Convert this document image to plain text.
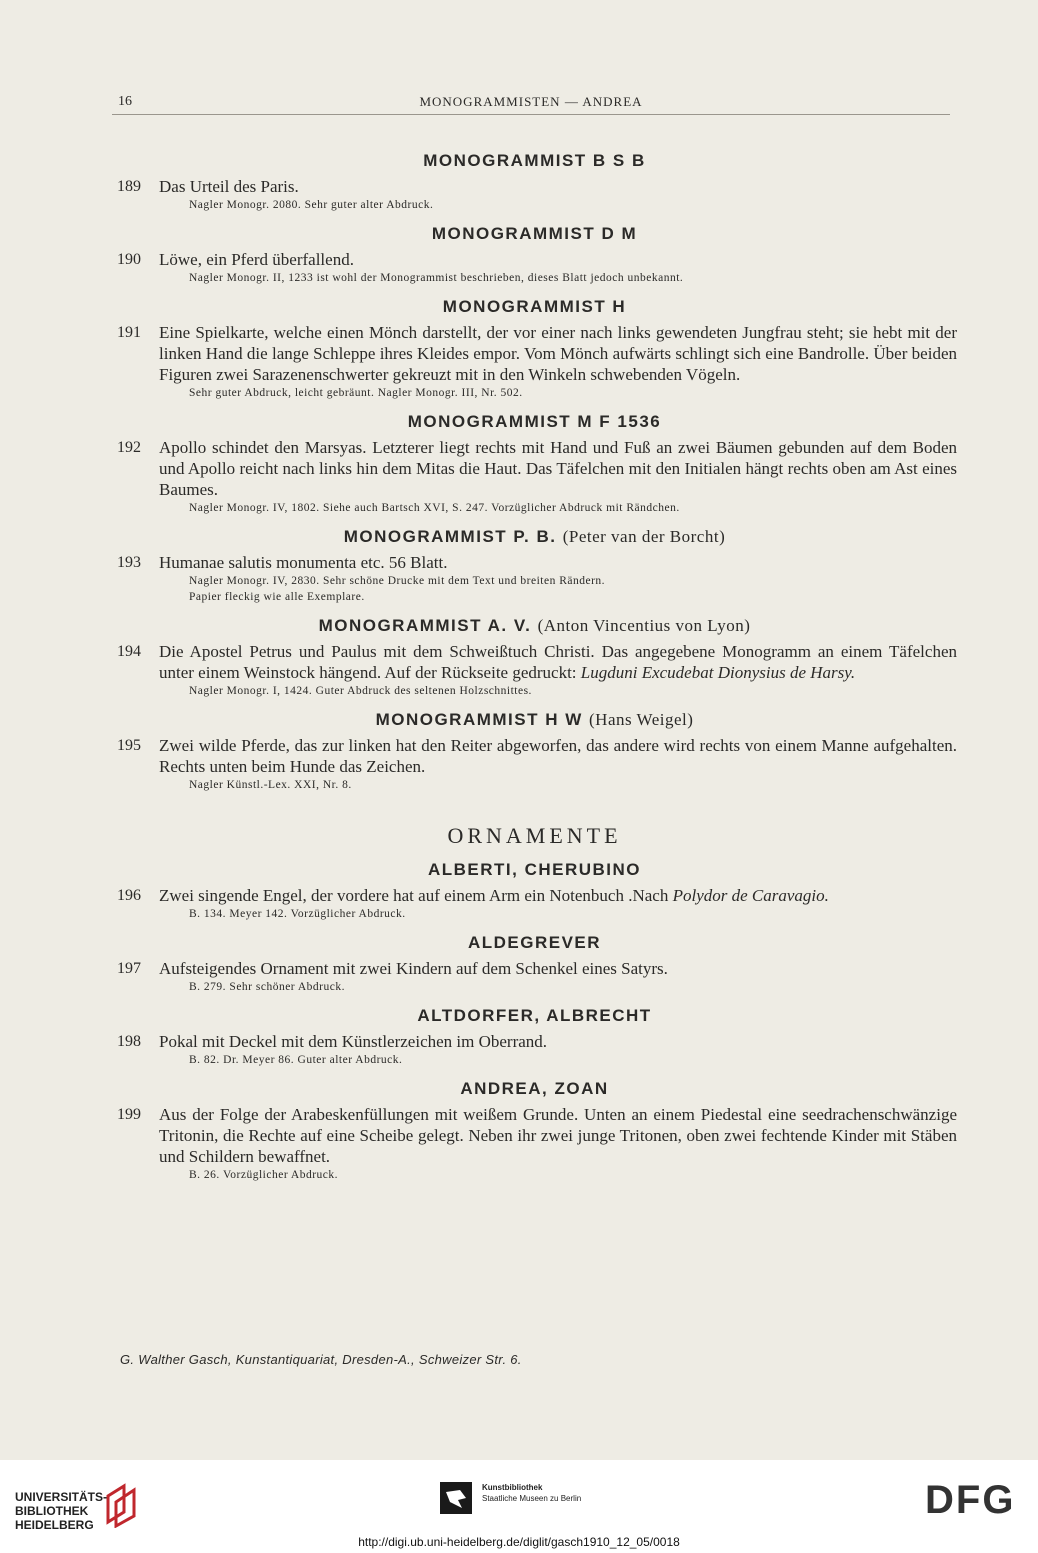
16	MONOGRAMMISTEN — ANDREA
MONOGRAMMIST B S B
189 Das Urteil des Paris.
Nagler Monogr. 2080. Sehr guter alter Abdruck.
MONOGRAMMIST D M
190 Löwe, ein Pferd überfallend.
Nagler Monogr. II, 1233 ist wohl der Monogrammist beschrieben, dieses Blatt jedoch unbekannt.
MONOGRAMMIST H
191 Eine Spielkarte, welche einen Mönch darstellt, der vor einer nach links gewendeten Jungfrau steht; sie hebt mit der linken Hand die lange Schleppe ihres Kleides empor. Vom Mönch aufwärts schlingt sich eine Bandrolle. Über beiden Figuren zwei Sarazenenschwerter gekreuzt mit in den Winkeln schwebenden Vögeln.
Sehr guter Abdruck, leicht gebräunt. Nagler Monogr. III, Nr. 502.
MONOGRAMMIST M F 1536
192 Apollo schindet den Marsyas. Letzterer liegt rechts mit Hand und Fuß an zwei Bäumen gebunden auf dem Boden und Apollo reicht nach links hin dem Mitas die Haut. Das Täfelchen mit den Initialen hängt rechts oben am Ast eines Baumes.
Nagler Monogr. IV, 1802. Siehe auch Bartsch XVI, S. 247. Vorzüglicher Abdruck mit Rändchen.
MONOGRAMMIST P. B. (Peter van der Borcht)
193 Humanae salutis monumenta etc. 56 Blatt.
Nagler Monogr. IV, 2830. Sehr schöne Drucke mit dem Text und breiten Rändern.
Papier fleckig wie alle Exemplare.
MONOGRAMMIST A. V. (Anton Vincentius von Lyon)
194 Die Apostel Petrus und Paulus mit dem Schweißtuch Christi. Das angegebene Monogramm an einem Täfelchen unter einem Weinstock hängend. Auf der Rückseite gedruckt: Lugduni Excudebat Dionysius de Harsy.
Nagler Monogr. I, 1424. Guter Abdruck des seltenen Holzschnittes.
MONOGRAMMIST H W (Hans Weigel)
195 Zwei wilde Pferde, das zur linken hat den Reiter abgeworfen, das andere wird rechts von einem Manne aufgehalten. Rechts unten beim Hunde das Zeichen.
Nagler Künstl.-Lex. XXI, Nr. 8.
ORNAMENTE
ALBERTI, CHERUBINO
196 Zwei singende Engel, der vordere hat auf einem Arm ein Notenbuch .Nach Polydor de Caravagio.
B. 134. Meyer 142. Vorzüglicher Abdruck.
ALDEGREVER
197 Aufsteigendes Ornament mit zwei Kindern auf dem Schenkel eines Satyrs.
B. 279. Sehr schöner Abdruck.
ALTDORFER, ALBRECHT
198 Pokal mit Deckel mit dem Künstlerzeichen im Oberrand.
B. 82. Dr. Meyer 86. Guter alter Abdruck.
ANDREA, ZOAN
199 Aus der Folge der Arabeskenfüllungen mit weißem Grunde. Unten an einem Piedestal eine seedrachenschwänzige Tritonin, die Rechte auf eine Scheibe gelegt. Neben ihr zwei junge Tritonen, oben zwei fechtende Kinder mit Stäben und Schildern bewaffnet.
B. 26. Vorzüglicher Abdruck.
G. Walther Gasch, Kunstantiquariat, Dresden-A., Schweizer Str. 6.
UNIVERSITÄTS-
BIBLIOTHEK
HEIDELBERG
Kunstbibliothek
Staatliche Museen zu Berlin	DFG
http://digi.ub.uni-heidelberg.de/diglit/gasch1910_12_05/0018
